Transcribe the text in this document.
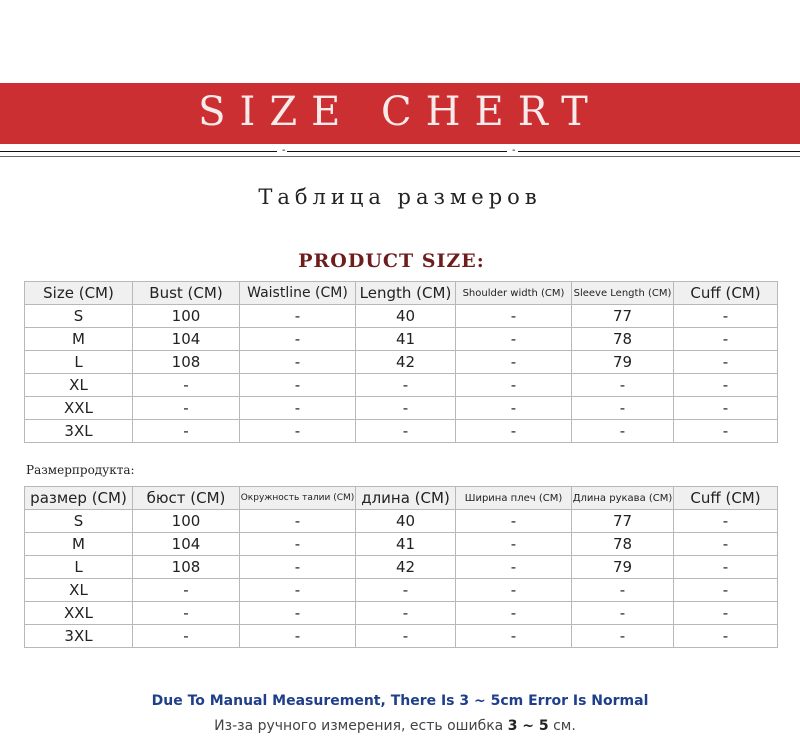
SIZE CHERT
-	-
Таблица размеров
PRODUCT SIZE:
Size (CM)	Bust (CM)	Waistline (CM)	Length (CM)	Shoulder width (CM)	Sleeve Length (CM)	Cuff (CM)
S	100	-	40	-	77	-
M	104	-	41	-	78	-
L	108	-	42	-	79	-
XL	-	-	-	-	-	-
XXL	-	-	-	-	-	-
3XL	-	-	-	-	-	-
Размерпродукта:
размер (CM)	бюст (CM)	Окружность талии (CM)	длина (CM)	Ширина плеч (CM)	Длина рукава (CM)	Cuff (CM)
S	100	-	40	-	77	-
M	104	-	41	-	78	-
L	108	-	42	-	79	-
XL	-	-	-	-	-	-
XXL	-	-	-	-	-	-
3XL	-	-	-	-	-	-
Due To Manual Measurement, There Is 3 ~ 5cm Error Is Normal
Из-за ручного измерения, есть ошибка 3 ~ 5 см.
